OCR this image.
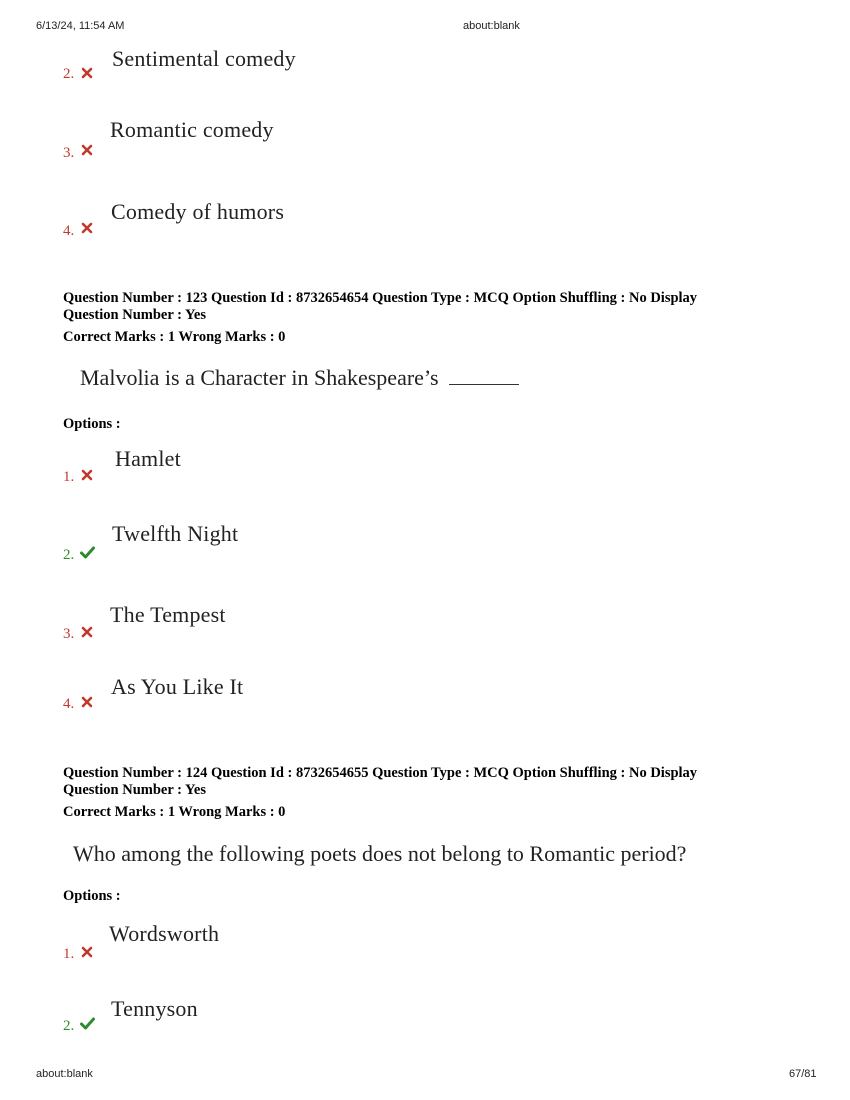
6/13/24, 11:54 AM	about:blank
2.
Sentimental comedy
3.
Romantic comedy
4.
Comedy of humors
Question Number : 123 Question Id : 8732654654 Question Type : MCQ Option Shuffling : No Display
Question Number : Yes
Correct Marks : 1 Wrong Marks : 0
Malvolia is a Character in Shakespeare’s
Options :
1.
Hamlet
2.
Twelfth Night
3.
The Tempest
4.
As You Like It
Question Number : 124 Question Id : 8732654655 Question Type : MCQ Option Shuffling : No Display
Question Number : Yes
Correct Marks : 1 Wrong Marks : 0
Who among the following poets does not belong to Romantic period?
Options :
1.
Wordsworth
2.
Tennyson
about:blank	67/81
